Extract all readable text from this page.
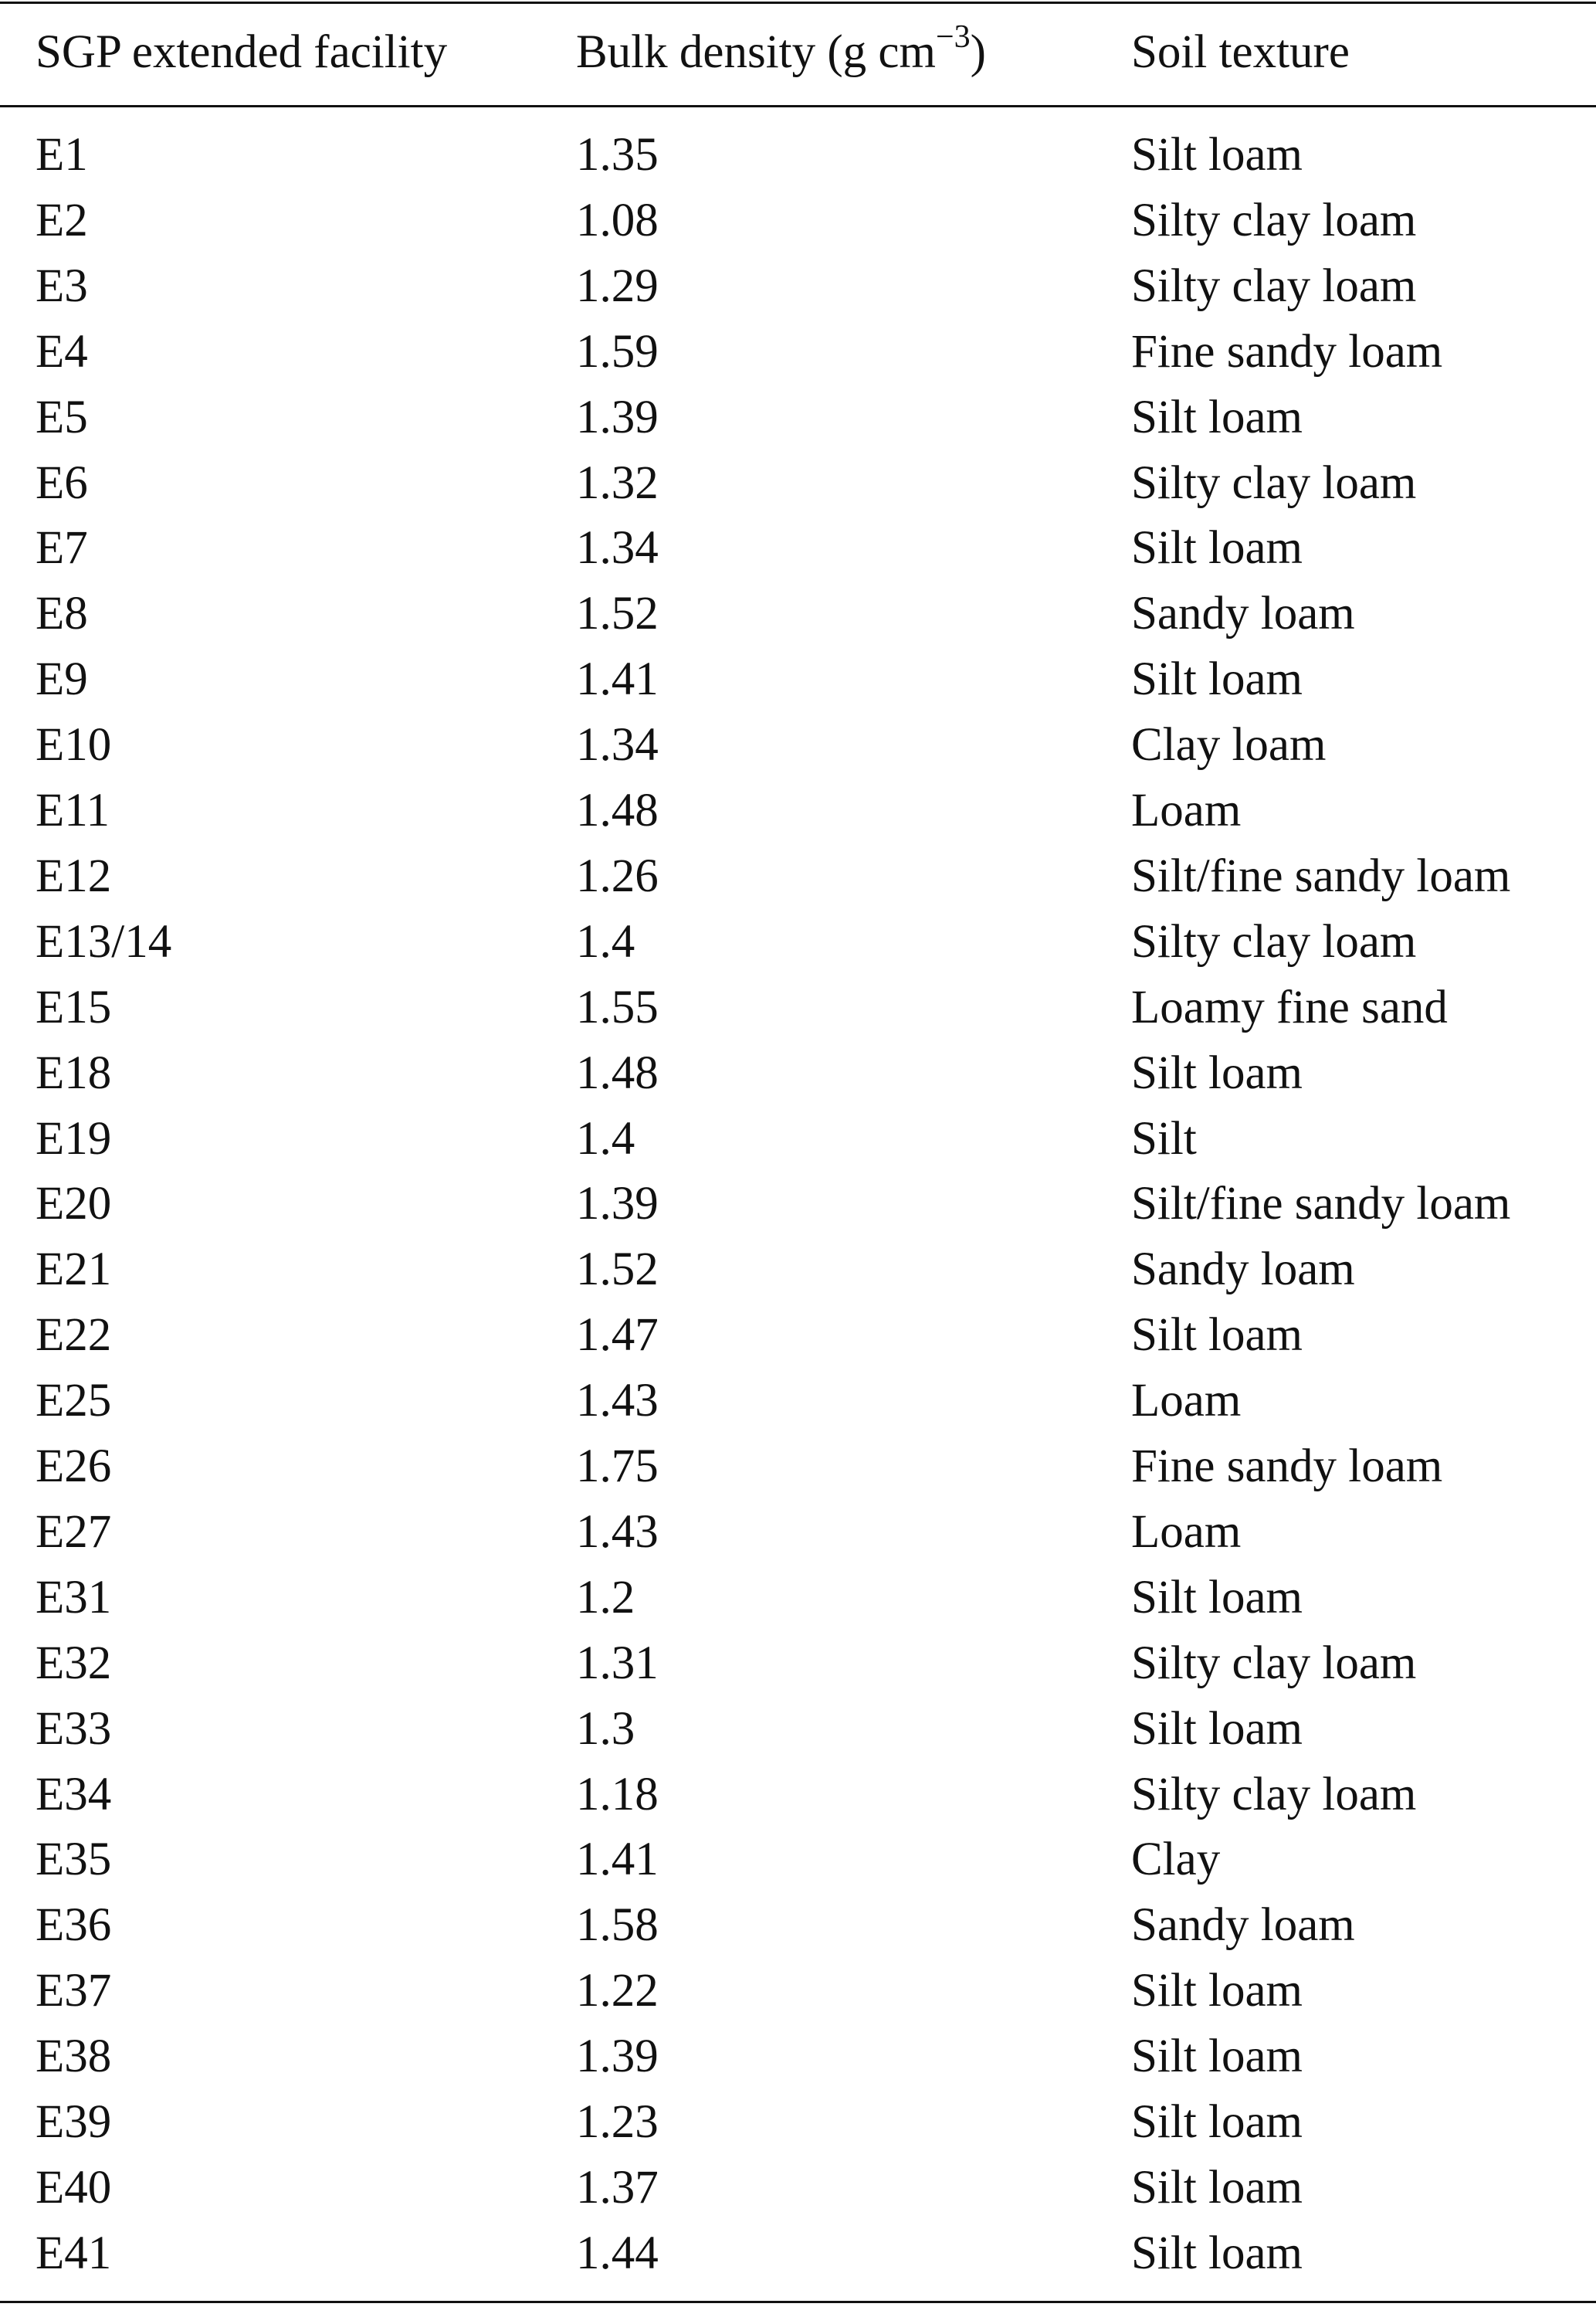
SGP extended facility	Bulk density (g $cm^{-3}$)	Soil texture
E1	1.35	Silt loam
E2	1.08	Silty clay loam
E3	1.29	Silty clay loam
E4	1.59	Fine sandy loam
E5	1.39	Silt loam
E6	1.32	Silty clay loam
E7	1.34	Silt loam
E8	1.52	Sandy loam
E9	1.41	Silt loam
E10	1.34	Clay loam
E11	1.48	Loam
E12	1.26	Silt/fine sandy loam
E13/14	1.4	Silty clay loam
E15	1.55	Loamy fine sand
E18	1.48	Silt loam
E19	1.4	Silt
E20	1.39	Silt/fine sandy loam
E21	1.52	Sandy loam
E22	1.47	Silt loam
E25	1.43	Loam
E26	1.75	Fine sandy loam
E27	1.43	Loam
E31	1.2	Silt loam
E32	1.31	Silty clay loam
E33	1.3	Silt loam
E34	1.18	Silty clay loam
E35	1.41	Clay
E36	1.58	Sandy loam
E37	1.22	Silt loam
E38	1.39	Silt loam
E39	1.23	Silt loam
E40	1.37	Silt loam
E41	1.44	Silt loam
